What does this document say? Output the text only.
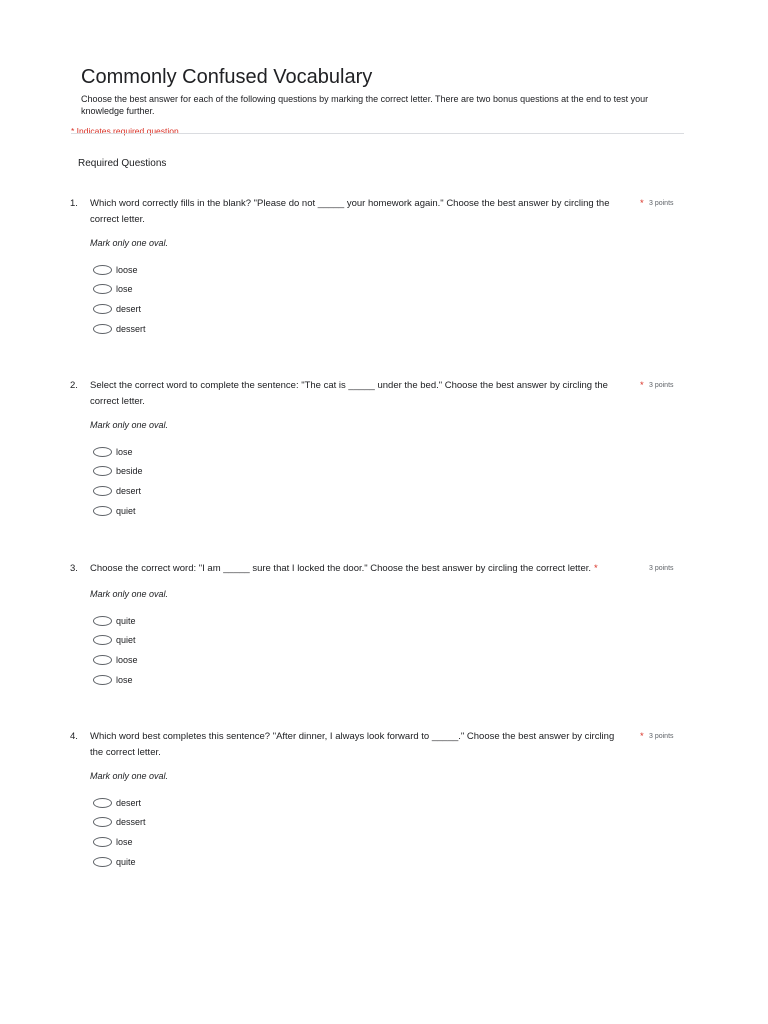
Commonly Confused Vocabulary

Choose the best answer for each of the following questions by marking the correct letter. There are two bonus questions at the end to test your knowledge further.

* Indicates required question
Required Questions
1. Which word correctly fills in the blank? "Please do not _____ your homework again." Choose the best answer by circling the correct letter.
* 3 points
Mark only one oval.
loose
lose
desert
dessert
2. Select the correct word to complete the sentence: "The cat is _____ under the bed." Choose the best answer by circling the correct letter.
* 3 points
Mark only one oval.
lose
beside
desert
quiet
3. Choose the correct word: "I am _____ sure that I locked the door." Choose the best answer by circling the correct letter. *	3 points
Mark only one oval.
quite
quiet
loose
lose
4. Which word best completes this sentence? "After dinner, I always look forward to _____." Choose the best answer by circling the correct letter.
* 3 points
Mark only one oval.
desert
dessert
lose
quite
